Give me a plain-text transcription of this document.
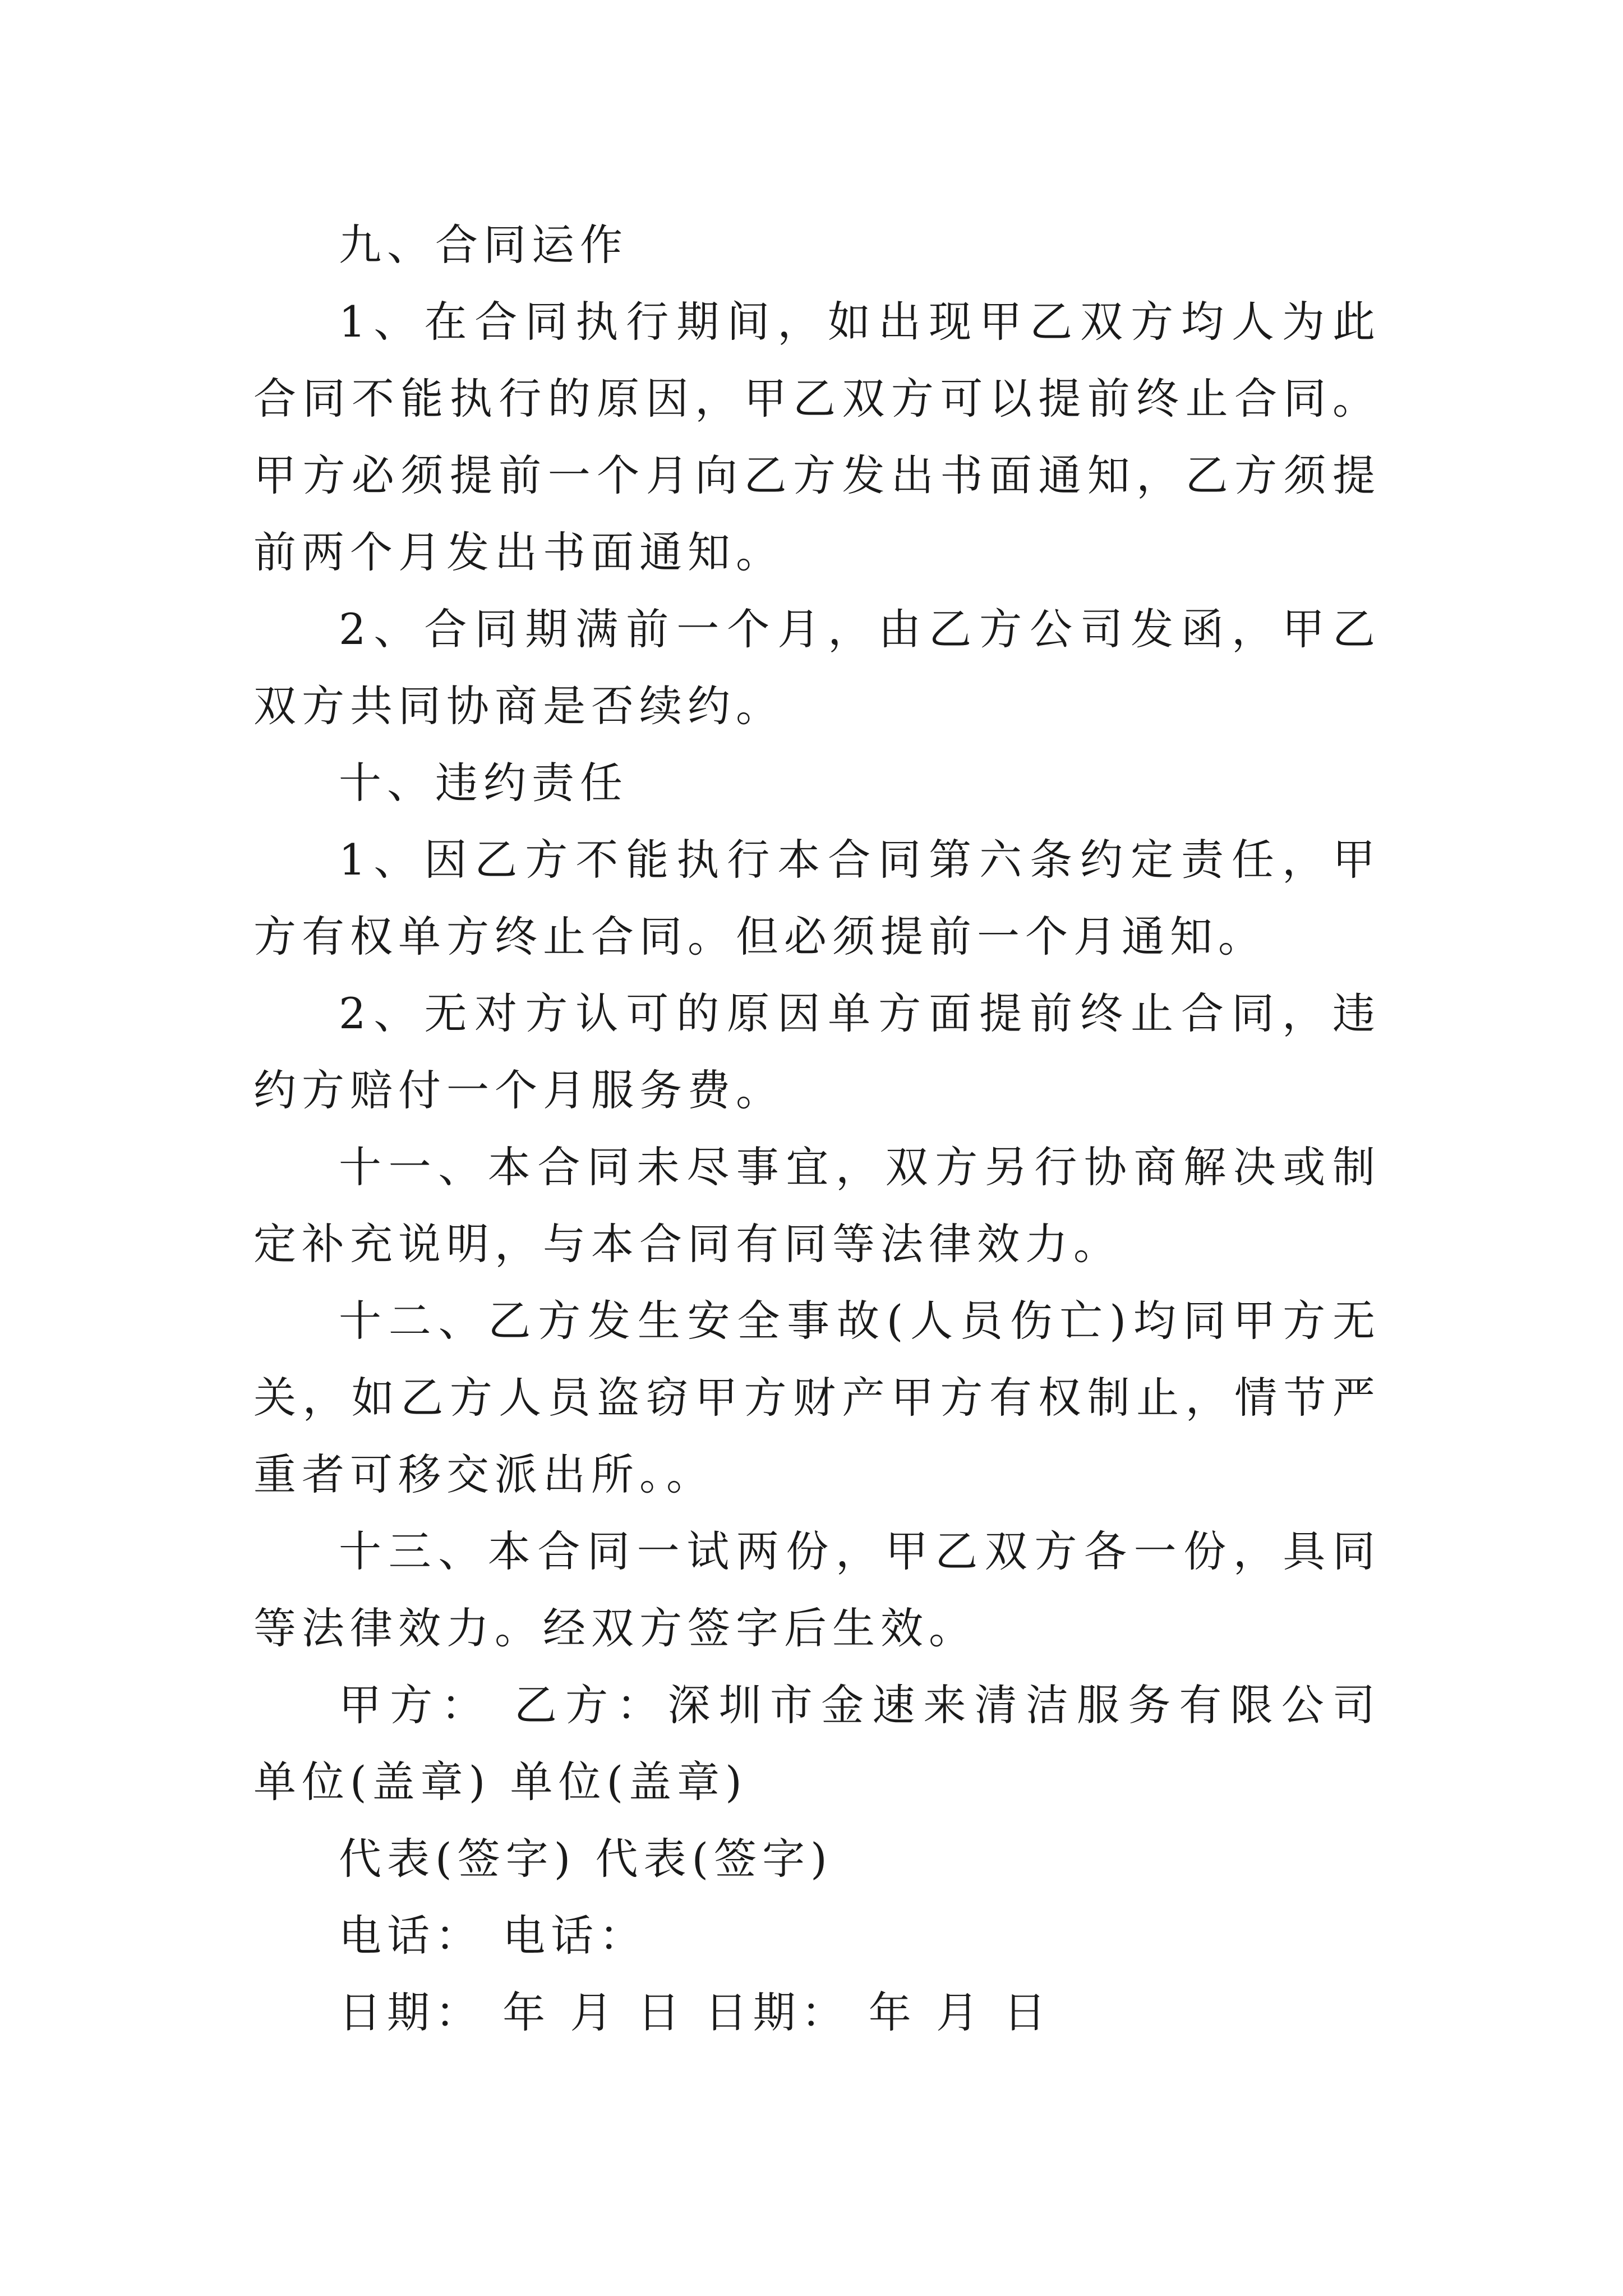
九、合同运作

1、在合同执行期间，如出现甲乙双方均人为此合同不能执行的原因，甲乙双方可以提前终止合同。甲方必须提前一个月向乙方发出书面通知，乙方须提前两个月发出书面通知。

2、合同期满前一个月，由乙方公司发函，甲乙双方共同协商是否续约。

十、违约责任

1、因乙方不能执行本合同第六条约定责任，甲方有权单方终止合同。但必须提前一个月通知。

2、无对方认可的原因单方面提前终止合同，违约方赔付一个月服务费。

十一、本合同未尽事宜，双方另行协商解决或制定补充说明，与本合同有同等法律效力。

十二、乙方发生安全事故(人员伤亡)均同甲方无关，如乙方人员盗窃甲方财产甲方有权制止，情节严重者可移交派出所。。

十三、本合同一试两份，甲乙双方各一份，具同等法律效力。经双方签字后生效。

甲方： 乙方：深圳市金速来清洁服务有限公司 单位(盖章) 单位(盖章)

代表(签字) 代表(签字)

电话： 电话：

日期： 年 月 日 日期： 年 月 日
